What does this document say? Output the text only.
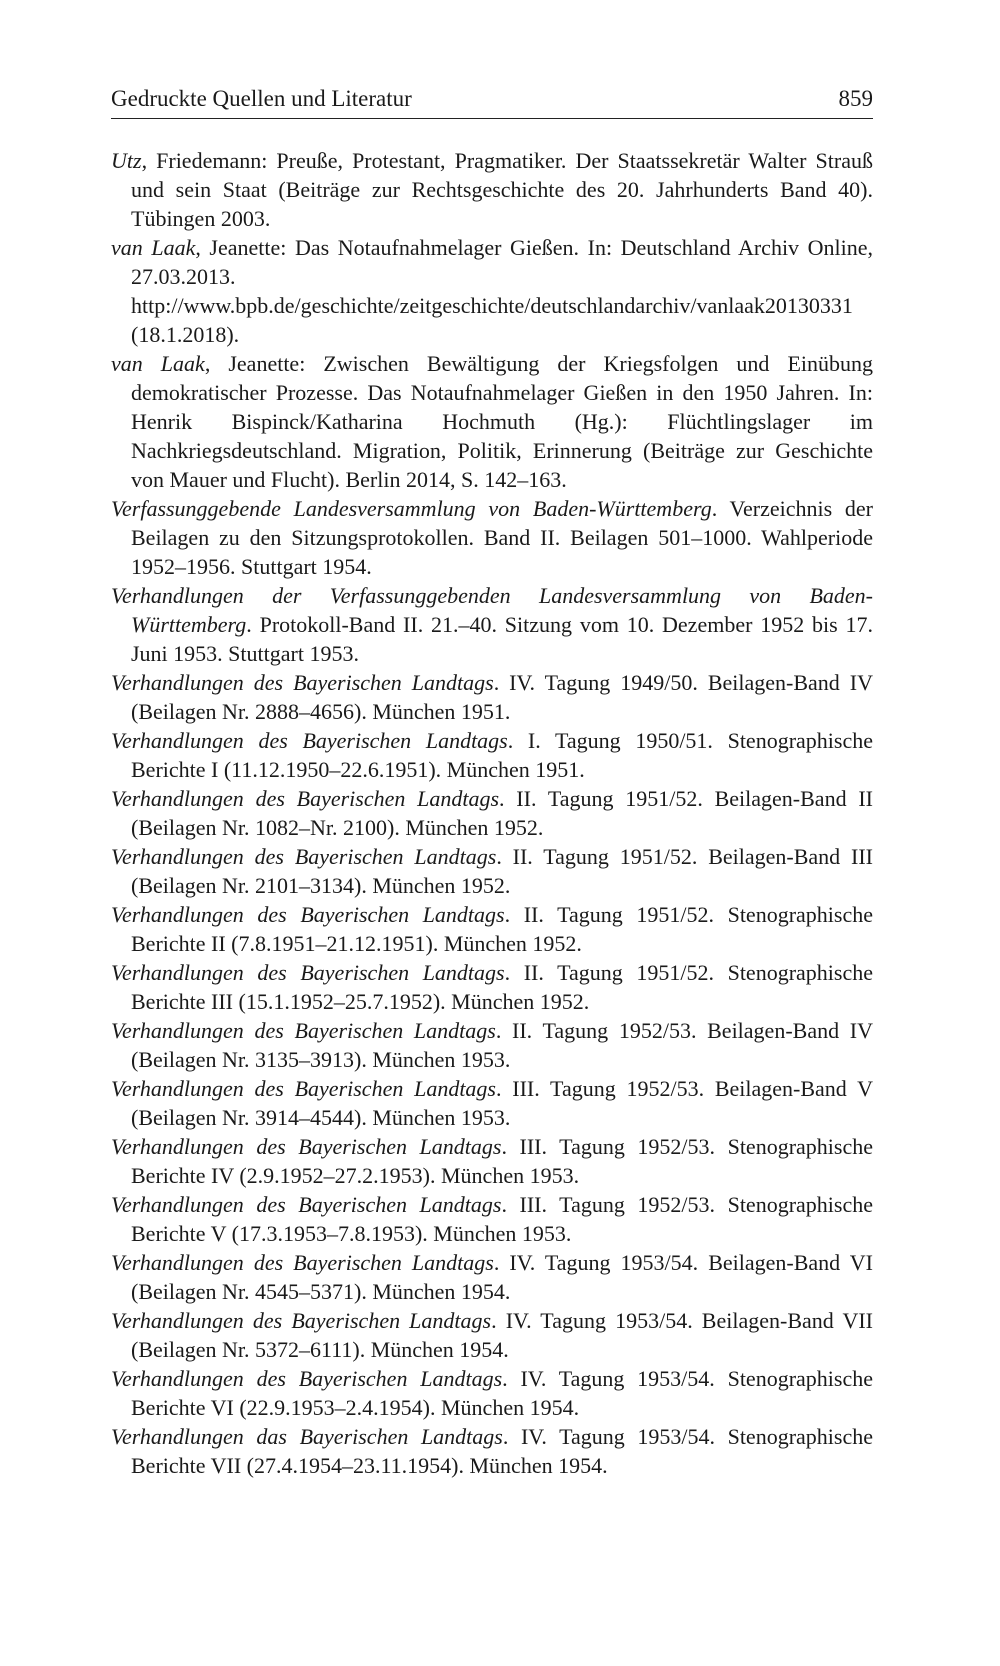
Gedruckte Quellen und Literatur	859
Utz, Friedemann: Preuße, Protestant, Pragmatiker. Der Staatssekretär Walter Strauß und sein Staat (Beiträge zur Rechtsgeschichte des 20. Jahrhunderts Band 40). Tübingen 2003.
van Laak, Jeanette: Das Notaufnahmelager Gießen. In: Deutschland Archiv Online, 27.03.2013. http://www.bpb.de/geschichte/zeitgeschichte/deutschlandarchiv/vanlaak20130331 (18.1.2018).
van Laak, Jeanette: Zwischen Bewältigung der Kriegsfolgen und Einübung demokratischer Prozesse. Das Notaufnahmelager Gießen in den 1950 Jahren. In: Henrik Bispinck/Katharina Hochmuth (Hg.): Flüchtlingslager im Nachkriegsdeutschland. Migration, Politik, Erinnerung (Beiträge zur Geschichte von Mauer und Flucht). Berlin 2014, S. 142–163.
Verfassunggebende Landesversammlung von Baden-Württemberg. Verzeichnis der Beilagen zu den Sitzungsprotokollen. Band II. Beilagen 501–1000. Wahlperiode 1952–1956. Stuttgart 1954.
Verhandlungen der Verfassunggebenden Landesversammlung von Baden-Württemberg. Protokoll-Band II. 21.–40. Sitzung vom 10. Dezember 1952 bis 17. Juni 1953. Stuttgart 1953.
Verhandlungen des Bayerischen Landtags. IV. Tagung 1949/50. Beilagen-Band IV (Beilagen Nr. 2888–4656). München 1951.
Verhandlungen des Bayerischen Landtags. I. Tagung 1950/51. Stenographische Berichte I (11.12.1950–22.6.1951). München 1951.
Verhandlungen des Bayerischen Landtags. II. Tagung 1951/52. Beilagen-Band II (Beilagen Nr. 1082–Nr. 2100). München 1952.
Verhandlungen des Bayerischen Landtags. II. Tagung 1951/52. Beilagen-Band III (Beilagen Nr. 2101–3134). München 1952.
Verhandlungen des Bayerischen Landtags. II. Tagung 1951/52. Stenographische Berichte II (7.8.1951–21.12.1951). München 1952.
Verhandlungen des Bayerischen Landtags. II. Tagung 1951/52. Stenographische Berichte III (15.1.1952–25.7.1952). München 1952.
Verhandlungen des Bayerischen Landtags. II. Tagung 1952/53. Beilagen-Band IV (Beilagen Nr. 3135–3913). München 1953.
Verhandlungen des Bayerischen Landtags. III. Tagung 1952/53. Beilagen-Band V (Beilagen Nr. 3914–4544). München 1953.
Verhandlungen des Bayerischen Landtags. III. Tagung 1952/53. Stenographische Berichte IV (2.9.1952–27.2.1953). München 1953.
Verhandlungen des Bayerischen Landtags. III. Tagung 1952/53. Stenographische Berichte V (17.3.1953–7.8.1953). München 1953.
Verhandlungen des Bayerischen Landtags. IV. Tagung 1953/54. Beilagen-Band VI (Beilagen Nr. 4545–5371). München 1954.
Verhandlungen des Bayerischen Landtags. IV. Tagung 1953/54. Beilagen-Band VII (Beilagen Nr. 5372–6111). München 1954.
Verhandlungen des Bayerischen Landtags. IV. Tagung 1953/54. Stenographische Berichte VI (22.9.1953–2.4.1954). München 1954.
Verhandlungen das Bayerischen Landtags. IV. Tagung 1953/54. Stenographische Berichte VII (27.4.1954–23.11.1954). München 1954.
